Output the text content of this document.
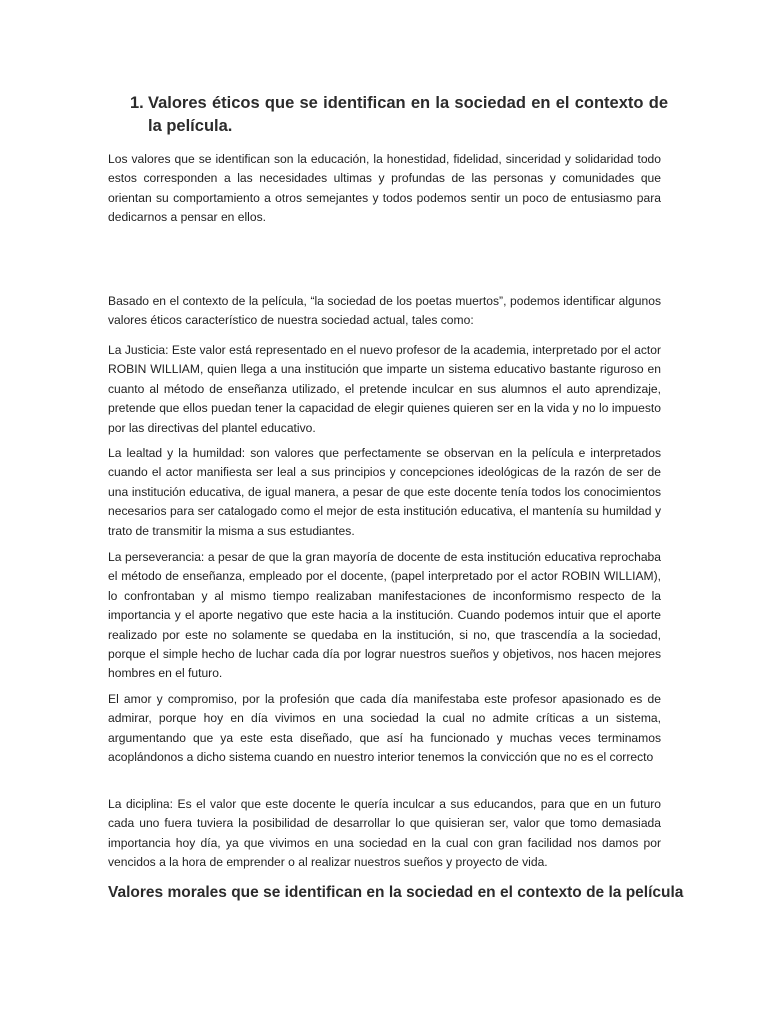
1. Valores éticos que se identifican en la sociedad en el contexto de la película.

Los valores que se identifican son la educación, la honestidad, fidelidad, sinceridad y solidaridad todo estos corresponden a las necesidades ultimas y profundas de las personas y comunidades que orientan su comportamiento a otros semejantes y todos podemos sentir un poco de entusiasmo para dedicarnos a pensar en ellos.

Basado en el contexto de la película, “la sociedad de los poetas muertos”, podemos identificar algunos valores éticos característico de nuestra sociedad actual, tales como:

La Justicia: Este valor está representado en el nuevo profesor de la academia, interpretado por el actor ROBIN WILLIAM, quien llega a una institución que imparte un sistema educativo bastante riguroso en cuanto al método de enseñanza utilizado, el pretende inculcar en sus alumnos el auto aprendizaje, pretende que ellos puedan tener la capacidad de elegir quienes quieren ser en la vida y no lo impuesto por las directivas del plantel educativo.

La lealtad y la humildad: son valores que perfectamente se observan en la película e interpretados cuando el actor manifiesta ser leal a sus principios y concepciones ideológicas de la razón de ser de una institución educativa, de igual manera, a pesar de que este docente tenía todos los conocimientos necesarios para ser catalogado como el mejor de esta institución educativa, el mantenía su humildad y trato de transmitir la misma a sus estudiantes.

La perseverancia: a pesar de que la gran mayoría de docente de esta institución educativa reprochaba el método de enseñanza, empleado por el docente, (papel interpretado por el actor ROBIN WILLIAM), lo confrontaban y al mismo tiempo realizaban manifestaciones de inconformismo respecto de la importancia y el aporte negativo que este hacia a la institución. Cuando podemos intuir que el aporte realizado por este no solamente se quedaba en la institución, si no, que trascendía a la sociedad, porque el simple hecho de luchar cada día por lograr nuestros sueños y objetivos, nos hacen mejores hombres en el futuro.

El amor y compromiso, por la profesión que cada día manifestaba este profesor apasionado es de admirar, porque hoy en día vivimos en una sociedad la cual no admite críticas a un sistema, argumentando que ya este esta diseñado, que así ha funcionado y muchas veces terminamos acoplándonos a dicho sistema cuando en nuestro interior tenemos la convicción que no es el correcto

La diciplina: Es el valor que este docente le quería inculcar a sus educandos, para que en un futuro cada uno fuera tuviera la posibilidad de desarrollar lo que quisieran ser, valor que tomo demasiada importancia hoy día, ya que vivimos en una sociedad en la cual con gran facilidad nos damos por vencidos a la hora de emprender o al realizar nuestros sueños y proyecto de vida.

Valores morales que se identifican en la sociedad en el contexto de la película
